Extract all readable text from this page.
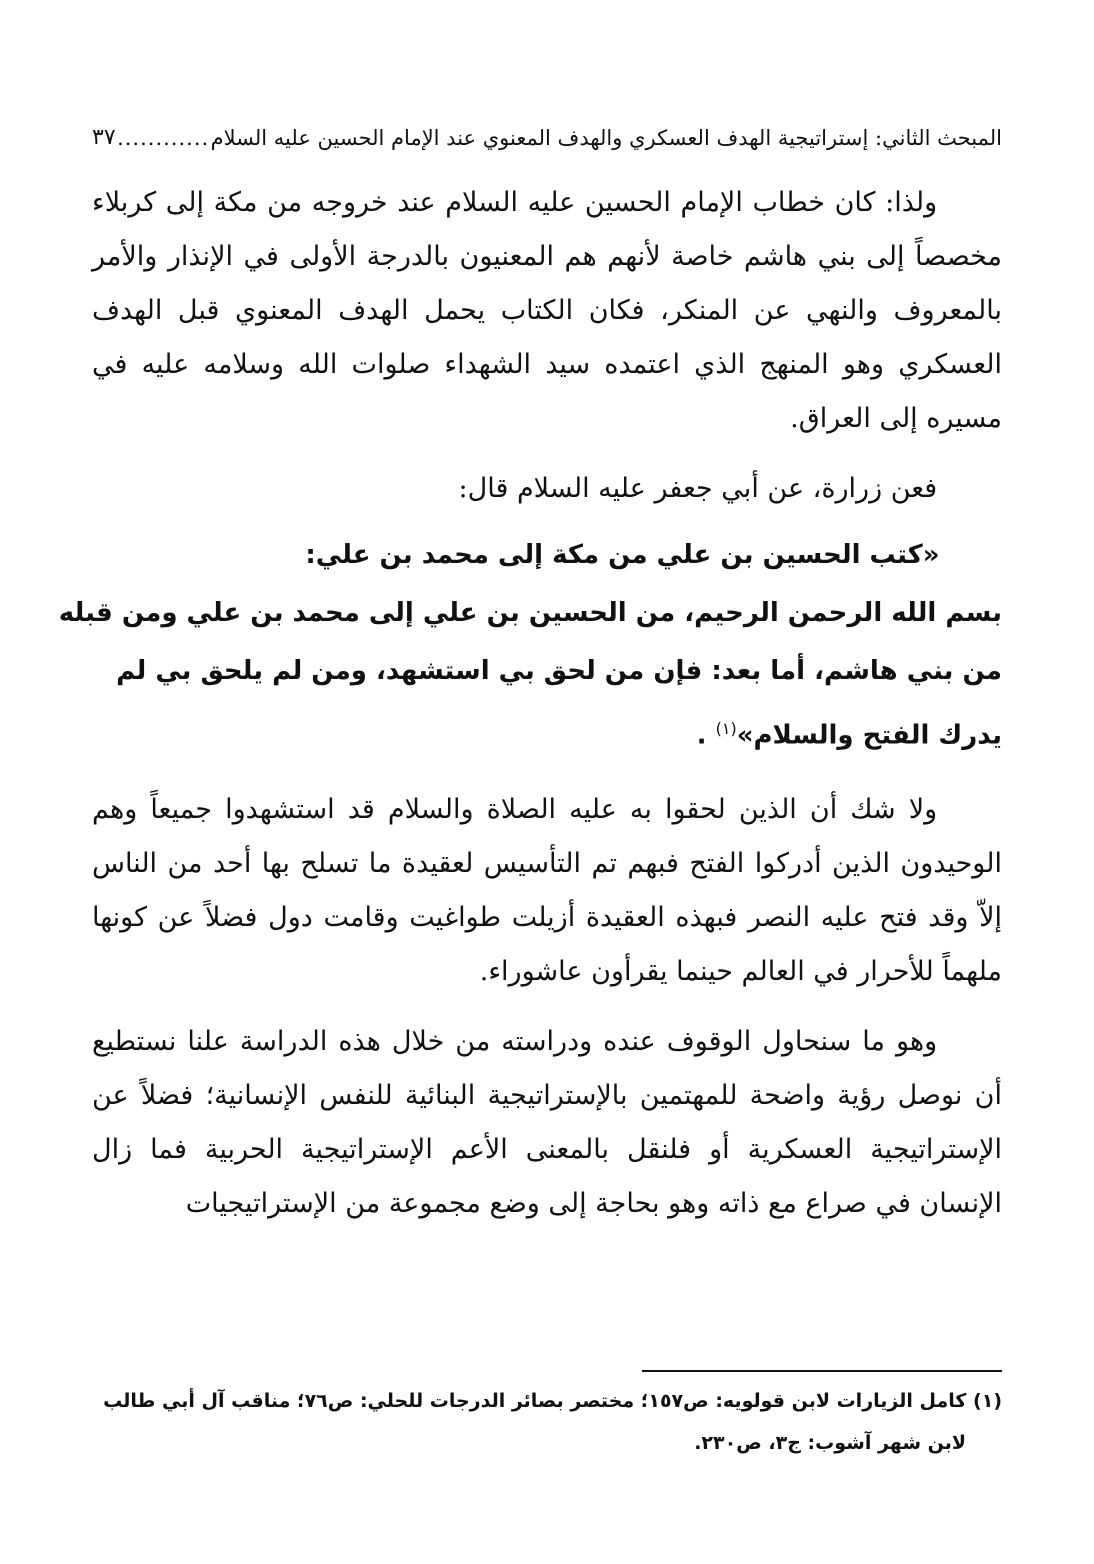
المبحث الثاني: إستراتيجية الهدف العسكري والهدف المعنوي عند الإمام الحسين عليه السلام
............
٣٧

ولذا: كان خطاب الإمام الحسين عليه السلام عند خروجه من مكة إلى كربلاء مخصصاً إلى بني هاشم خاصة لأنهم هم المعنيون بالدرجة الأولى في الإنذار والأمر بالمعروف والنهي عن المنكر، فكان الكتاب يحمل الهدف المعنوي قبل الهدف العسكري وهو المنهج الذي اعتمده سيد الشهداء صلوات الله وسلامه عليه في مسيره إلى العراق.

فعن زرارة، عن أبي جعفر عليه السلام قال:

«كتب الحسين بن علي من مكة إلى محمد بن علي:
بسم الله الرحمن الرحيم، من الحسين بن علي إلى محمد بن علي ومن قبله
من بني هاشم، أما بعد: فإن من لحق بي استشهد، ومن لم يلحق بي لم
يدرك الفتح والسلام»$^{(١)}$ .

ولا شك أن الذين لحقوا به عليه الصلاة والسلام قد استشهدوا جميعاً وهم الوحيدون الذين أدركوا الفتح فبهم تم التأسيس لعقيدة ما تسلح بها أحد من الناس إلاّ وقد فتح عليه النصر فبهذه العقيدة أزيلت طواغيت وقامت دول فضلاً عن كونها ملهماً للأحرار في العالم حينما يقرأون عاشوراء.

وهو ما سنحاول الوقوف عنده ودراسته من خلال هذه الدراسة علنا نستطيع أن نوصل رؤية واضحة للمهتمين بالإستراتيجية البنائية للنفس الإنسانية؛ فضلاً عن الإستراتيجية العسكرية أو فلنقل بالمعنى الأعم الإستراتيجية الحربية فما زال الإنسان في صراع مع ذاته وهو بحاجة إلى وضع مجموعة من الإستراتيجيات

(١) كامل الزيارات لابن قولويه: ص١٥٧؛ مختصر بصائر الدرجات للحلي: ص٧٦؛ مناقب آل أبي طالب
لابن شهر آشوب: ج٣، ص٢٣٠.
